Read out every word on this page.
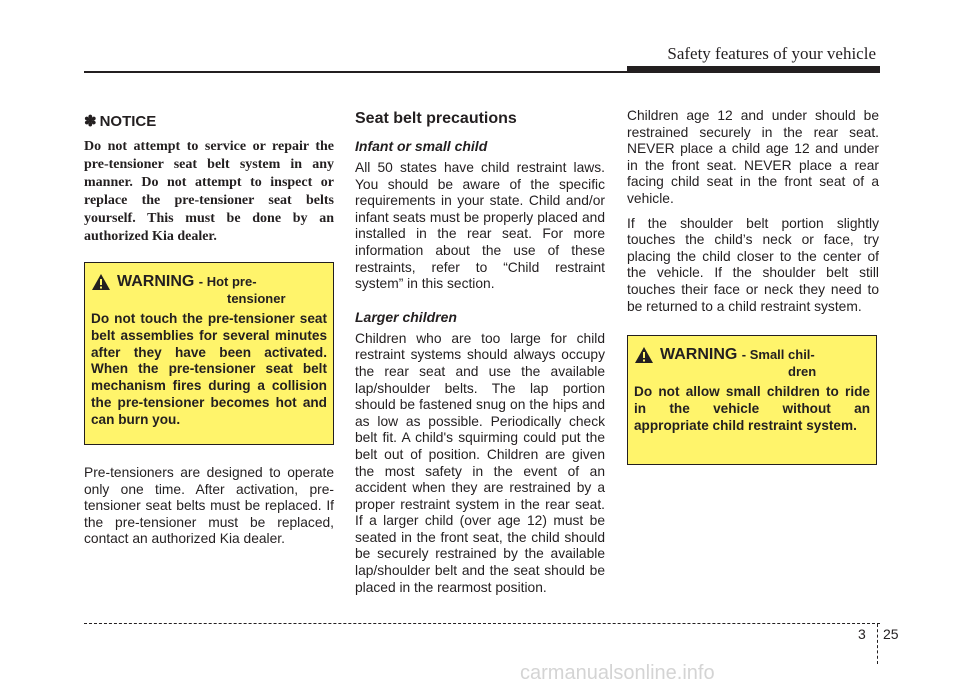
Safety features of your vehicle
✽ NOTICE
Do not attempt to service or repair the pre-tensioner seat belt system in any manner. Do not attempt to inspect or replace the pre-tensioner seat belts yourself. This must be done by an authorized Kia dealer.
WARNING - Hot pre-
tensioner
Do not touch the pre-tensioner seat belt assemblies for several minutes after they have been activated. When the pre-tensioner seat belt mechanism fires during a collision the pre-tensioner becomes hot and can burn you.

Pre-tensioners are designed to operate only one time. After activation, pre-tensioner seat belts must be replaced. If the pre-tensioner must be replaced, contact an authorized Kia dealer.

Seat belt precautions
Infant or small child

All 50 states have child restraint laws. You should be aware of the specific requirements in your state. Child and/or infant seats must be properly placed and installed in the rear seat. For more information about the use of these restraints, refer to “Child restraint system” in this section.

Larger children

Children who are too large for child restraint systems should always occupy the rear seat and use the available lap/shoulder belts. The lap portion should be fastened snug on the hips and as low as possible. Periodically check belt fit. A child's squirming could put the belt out of position. Children are given the most safety in the event of an accident when they are restrained by a proper restraint system in the rear seat. If a larger child (over age 12) must be seated in the front seat, the child should be securely restrained by the available lap/shoulder belt and the seat should be placed in the rearmost position.

Children age 12 and under should be restrained securely in the rear seat. NEVER place a child age 12 and under in the front seat. NEVER place a rear facing child seat in the front seat of a vehicle.

If the shoulder belt portion slightly touches the child’s neck or face, try placing the child closer to the center of the vehicle. If the shoulder belt still touches their face or neck they need to be returned to a child restraint system.

WARNING - Small chil-
dren
Do not allow small children to ride in the vehicle without an appropriate child restraint system.
3 25
carmanualsonline.info
